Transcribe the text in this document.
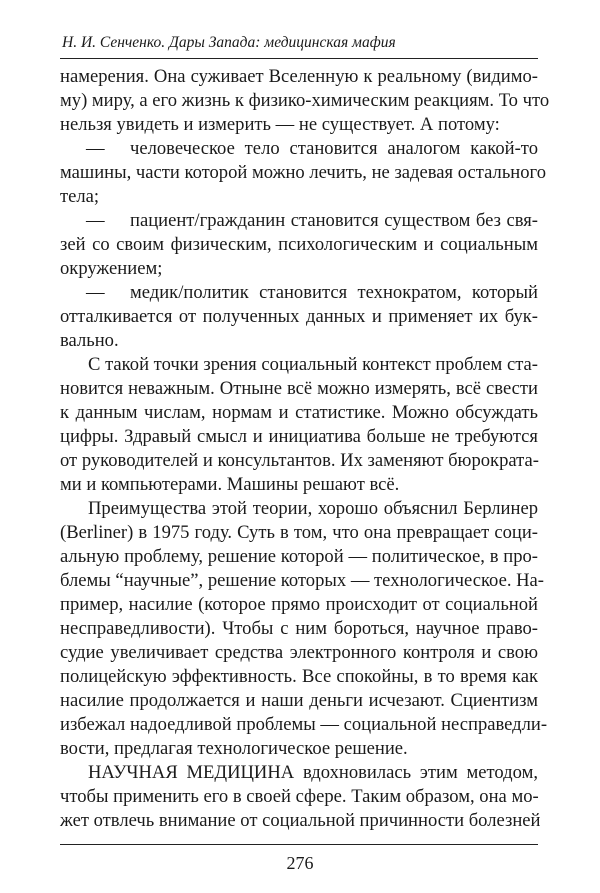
Н. И. Сенченко. Дары Запада: медицинская мафия
намерения. Она суживает Вселенную к реальному (видимо-
му) миру, а его жизнь к физико-химическим реакциям. То что
нельзя увидеть и измерить — не существует. А потому:
— человеческое тело становится аналогом какой-то
машины, части которой можно лечить, не задевая остального
тела;
— пациент/гражданин становится существом без свя-
зей со своим физическим, психологическим и социальным
окружением;
— медик/политик становится технократом, который
отталкивается от полученных данных и применяет их бук-
вально.
С такой точки зрения социальный контекст проблем ста-
новится неважным. Отныне всё можно измерять, всё свести
к данным числам, нормам и статистике. Можно обсуждать
цифры. Здравый смысл и инициатива больше не требуются
от руководителей и консультантов. Их заменяют бюрократа-
ми и компьютерами. Машины решают всё.
Преимущества этой теории, хорошо объяснил Берлинер
(Berliner) в 1975 году. Суть в том, что она превращает соци-
альную проблему, решение которой — политическое, в про-
блемы “научные”, решение которых — технологическое. На-
пример, насилие (которое прямо происходит от социальной
несправедливости). Чтобы с ним бороться, научное право-
судие увеличивает средства электронного контроля и свою
полицейскую эффективность. Все спокойны, в то время как
насилие продолжается и наши деньги исчезают. Сциентизм
избежал надоедливой проблемы — социальной несправедли-
вости, предлагая технологическое решение.
НАУЧНАЯ МЕДИЦИНА вдохновилась этим методом,
чтобы применить его в своей сфере. Таким образом, она мо-
жет отвлечь внимание от социальной причинности болезней
276
